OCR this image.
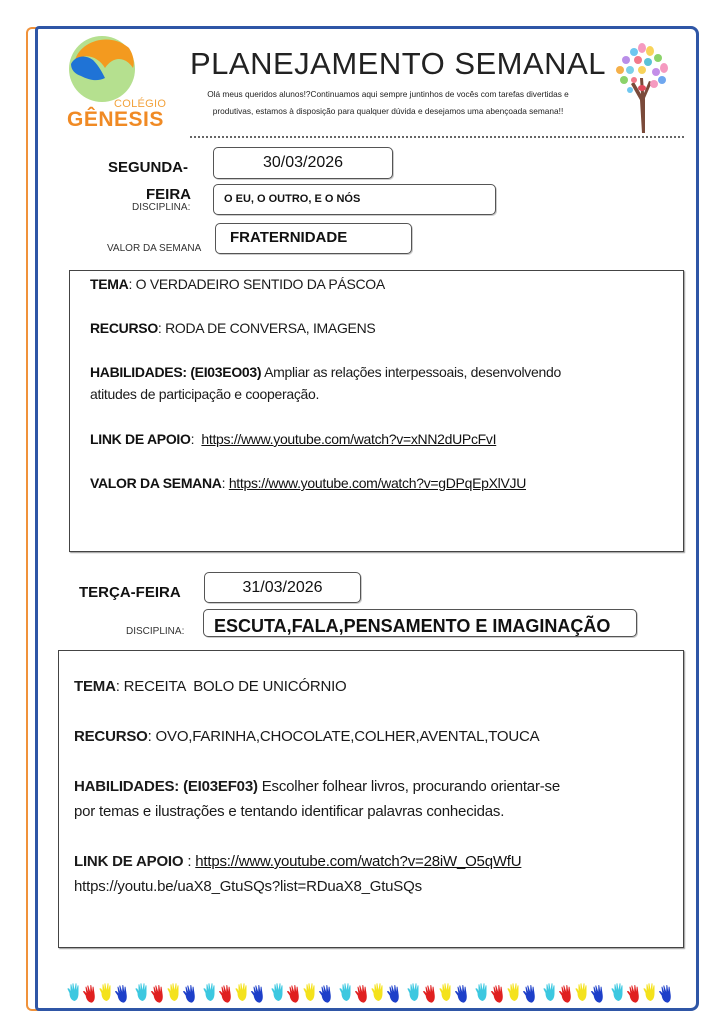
COLÉGIO
GÊNESIS
PLANEJAMENTO SEMANAL
Olá meus queridos alunos!?Continuamos aqui sempre juntinhos de vocês com tarefas divertidas e produtivas, estamos à disposição para qualquer dúvida e desejamos uma abençoada semana!!
SEGUNDA-
FEIRA
DISCIPLINA:
30/03/2026
O EU, O OUTRO, E O NÓS
VALOR DA SEMANA
FRATERNIDADE
TEMA: O VERDADEIRO SENTIDO DA PÁSCOA
RECURSO: RODA DE CONVERSA, IMAGENS
HABILIDADES: (EI03EO03) Ampliar as relações interpessoais, desenvolvendo
atitudes de participação e cooperação.
LINK DE APOIO:  https://www.youtube.com/watch?v=xNN2dUPcFvI
VALOR DA SEMANA: https://www.youtube.com/watch?v=gDPqEpXlVJU
TERÇA-FEIRA	31/03/2026
DISCIPLINA:	ESCUTA,FALA,PENSAMENTO E IMAGINAÇÃO
TEMA: RECEITA  BOLO DE UNICÓRNIO
RECURSO: OVO,FARINHA,CHOCOLATE,COLHER,AVENTAL,TOUCA
HABILIDADES: (EI03EF03) Escolher folhear livros, procurando orientar-se
por temas e ilustrações e tentando identificar palavras conhecidas.
LINK DE APOIO : https://www.youtube.com/watch?v=28iW_O5qWfU
https://youtu.be/uaX8_GtuSQs?list=RDuaX8_GtuSQs
